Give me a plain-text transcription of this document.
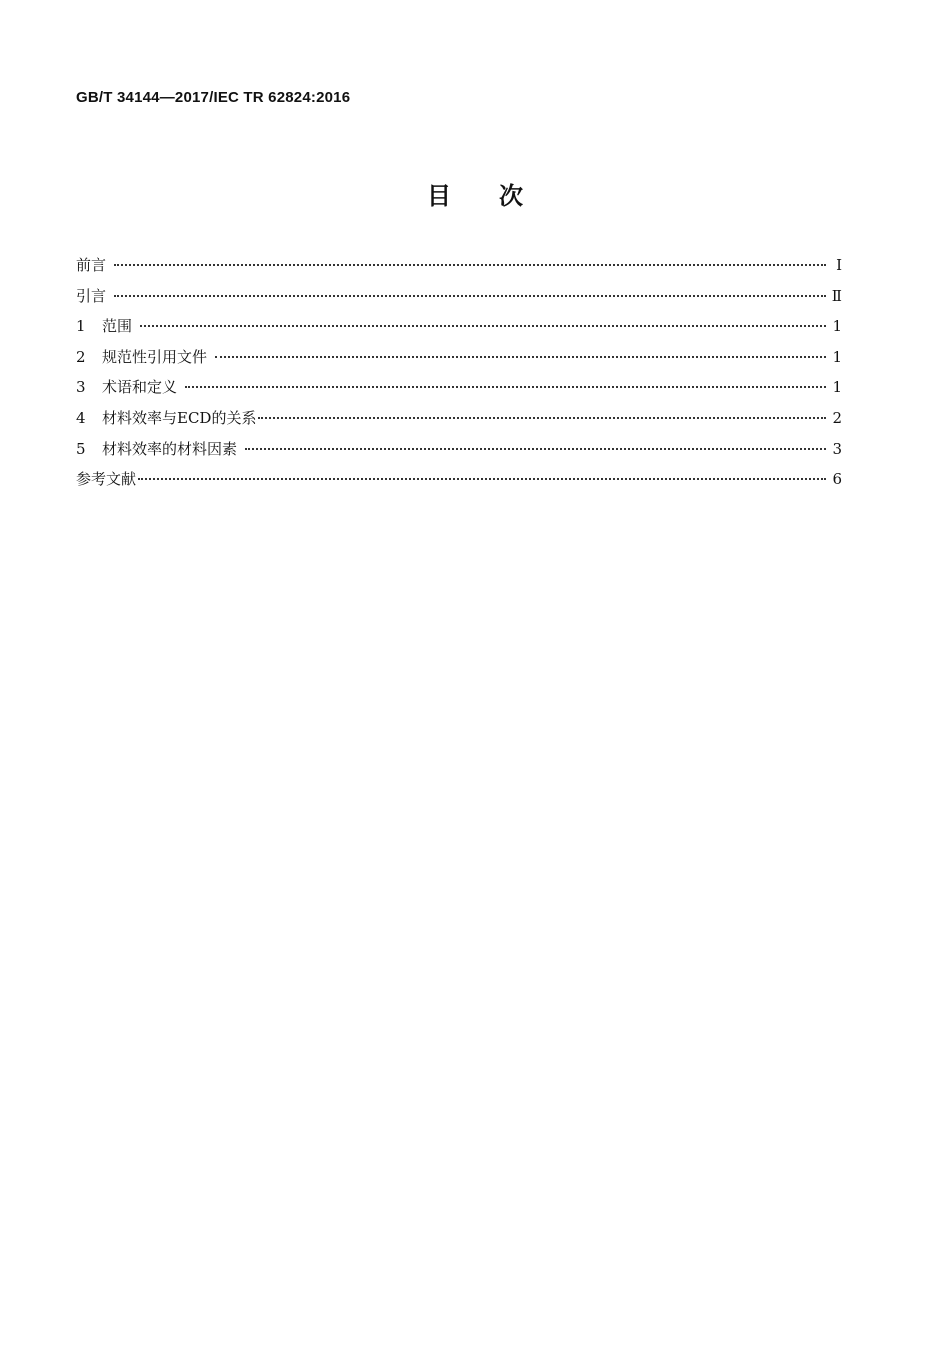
GB/T 34144—2017/IEC TR 62824:2016
目次
前言	Ⅰ
引言	Ⅱ
1	范围	1
2	规范性引用文件	1
3	术语和定义	1
4	材料效率与ECD的关系	2
5	材料效率的材料因素	3
参考文献	6
